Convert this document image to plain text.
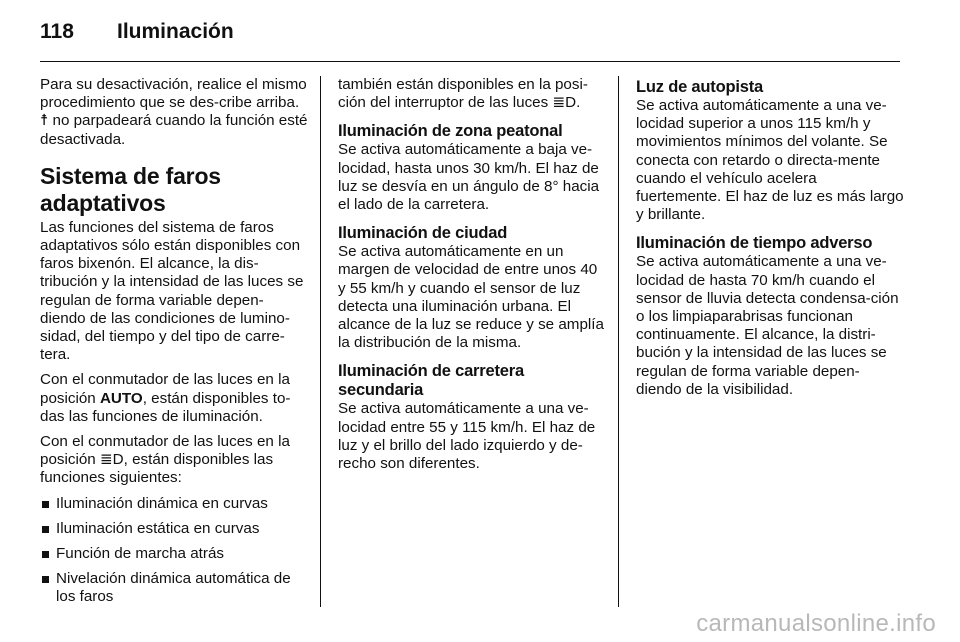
118	Iluminación

Para su desactivación, realice el mismo procedimiento que se des-cribe arriba. ☨ no parpadeará cuando la función esté desactivada.

Sistema de faros adaptativos

Las funciones del sistema de faros adaptativos sólo están disponibles con faros bixenón. El alcance, la dis-tribución y la intensidad de las luces se regulan de forma variable depen-diendo de las condiciones de lumino-sidad, del tiempo y del tipo de carre-tera.

Con el conmutador de las luces en la posición AUTO, están disponibles to-das las funciones de iluminación.

Con el conmutador de las luces en la posición ≣D, están disponibles las funciones siguientes:

Iluminación dinámica en curvas
Iluminación estática en curvas
Función de marcha atrás
Nivelación dinámica automática de los faros

también están disponibles en la posi-ción del interruptor de las luces ≣D.

Iluminación de zona peatonal

Se activa automáticamente a baja ve-locidad, hasta unos 30 km/h. El haz de luz se desvía en un ángulo de 8° hacia el lado de la carretera.

Iluminación de ciudad

Se activa automáticamente en un margen de velocidad de entre unos 40 y 55 km/h y cuando el sensor de luz detecta una iluminación urbana. El alcance de la luz se reduce y se amplía la distribución de la misma.

Iluminación de carretera secundaria

Se activa automáticamente a una ve-locidad entre 55 y 115 km/h. El haz de luz y el brillo del lado izquierdo y de-recho son diferentes.

Luz de autopista

Se activa automáticamente a una ve-locidad superior a unos 115 km/h y movimientos mínimos del volante. Se conecta con retardo o directa-mente cuando el vehículo acelera fuertemente. El haz de luz es más largo y brillante.

Iluminación de tiempo adverso

Se activa automáticamente a una ve-locidad de hasta 70 km/h cuando el sensor de lluvia detecta condensa-ción o los limpiaparabrisas funcionan continuamente. El alcance, la distri-bución y la intensidad de las luces se regulan de forma variable depen-diendo de la visibilidad.

carmanualsonline.info
